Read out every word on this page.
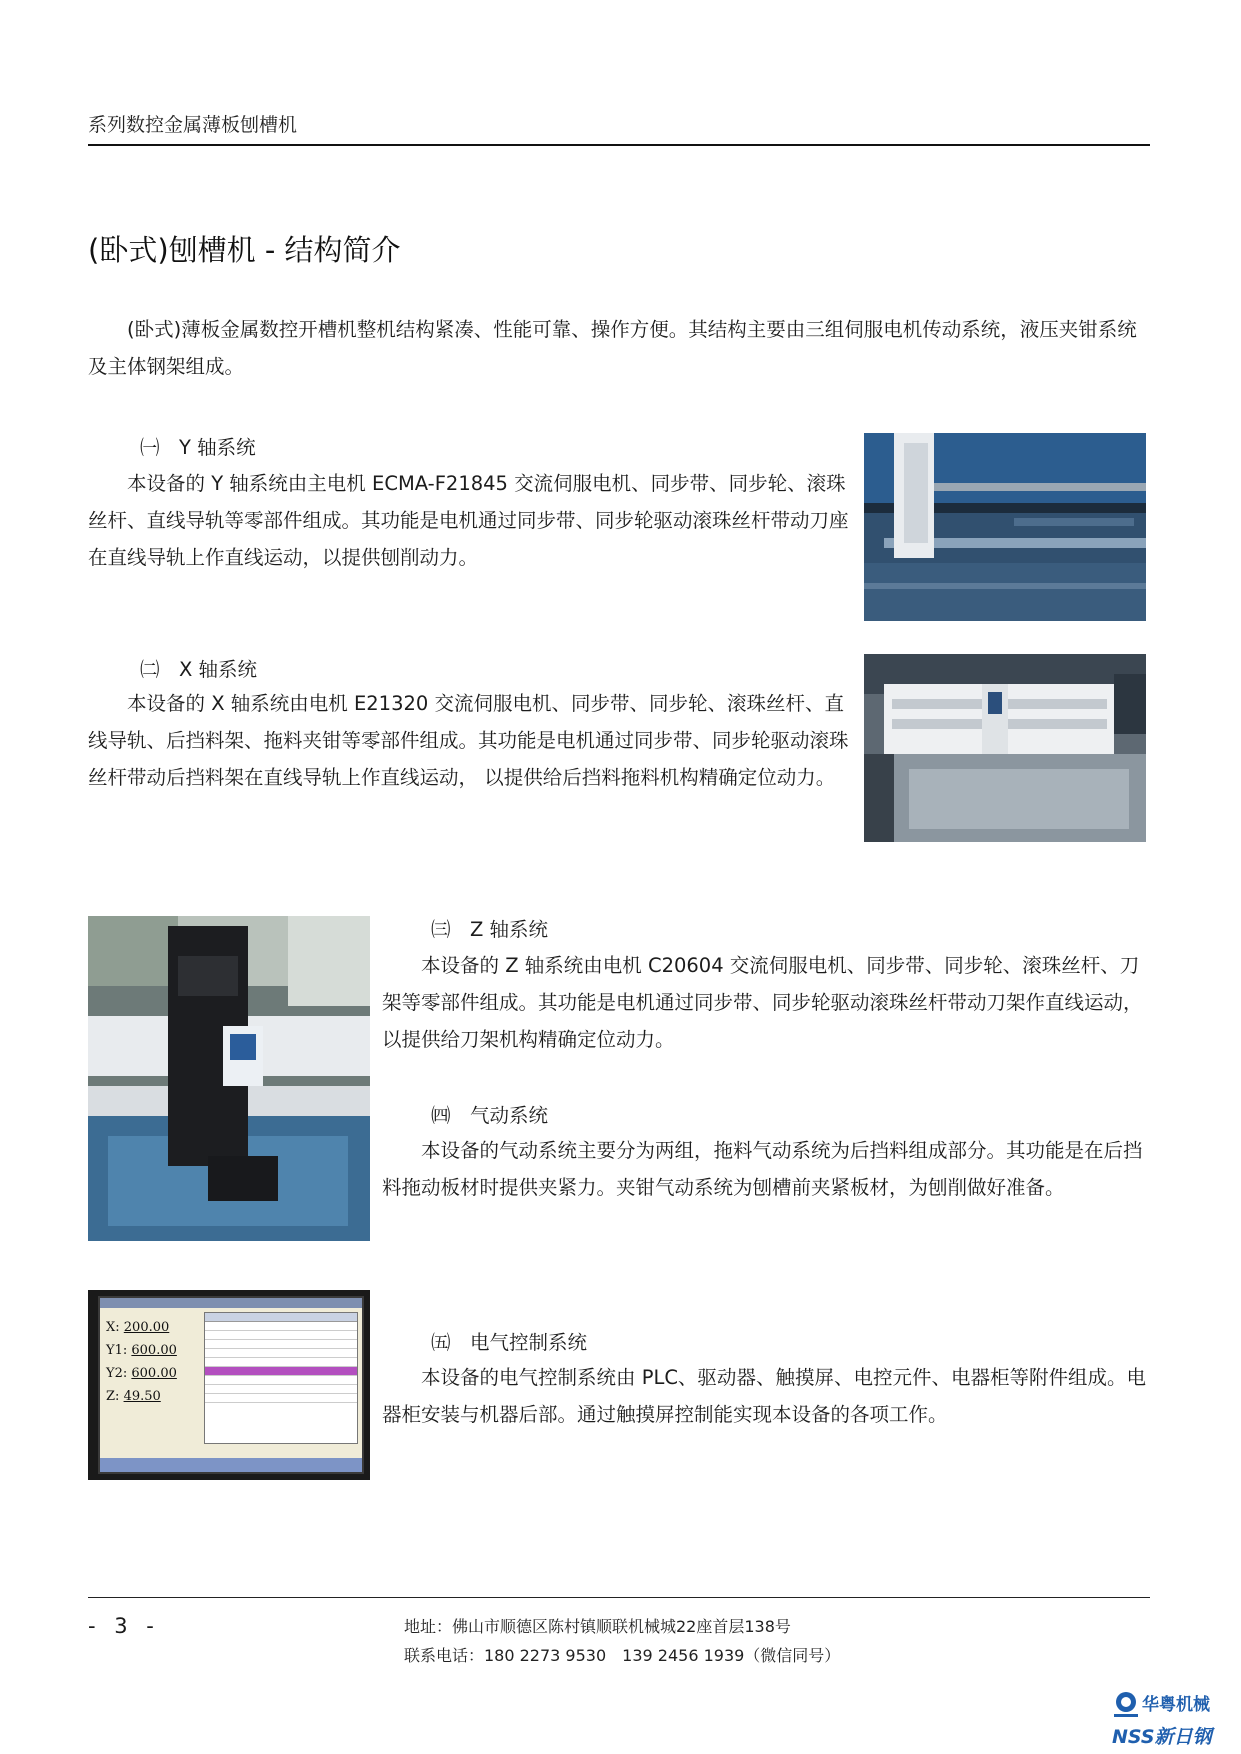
系列数控金属薄板刨槽机
(卧式)刨槽机 - 结构简介
(卧式)薄板金属数控开槽机整机结构紧凑、性能可靠、操作方便。其结构主要由三组伺服电机传动系统，液压夹钳系统及主体钢架组成。
㈠　Y 轴系统
本设备的 Y 轴系统由主电机 ECMA-F21845 交流伺服电机、同步带、同步轮、滚珠丝杆、直线导轨等零部件组成。其功能是电机通过同步带、同步轮驱动滚珠丝杆带动刀座在直线导轨上作直线运动，以提供刨削动力。
㈡　X 轴系统
本设备的 X 轴系统由电机 E21320 交流伺服电机、同步带、同步轮、滚珠丝杆、直线导轨、后挡料架、拖料夹钳等零部件组成。其功能是电机通过同步带、同步轮驱动滚珠丝杆带动后挡料架在直线导轨上作直线运动， 以提供给后挡料拖料机构精确定位动力。
㈢　Z 轴系统
本设备的 Z 轴系统由电机 C20604 交流伺服电机、同步带、同步轮、滚珠丝杆、刀架等零部件组成。其功能是电机通过同步带、同步轮驱动滚珠丝杆带动刀架作直线运动， 以提供给刀架机构精确定位动力。
㈣　气动系统
本设备的气动系统主要分为两组，拖料气动系统为后挡料组成部分。其功能是在后挡料拖动板材时提供夹紧力。夹钳气动系统为刨槽前夹紧板材，为刨削做好准备。
X: 200.00
Y1: 600.00
Y2: 600.00
Z: 49.50
㈤　电气控制系统
本设备的电气控制系统由 PLC、驱动器、触摸屏、电控元件、电器柜等附件组成。电器柜安装与机器后部。通过触摸屏控制能实现本设备的各项工作。
- 3 -	地址：佛山市顺德区陈村镇顺联机械城22座首层138号
联系电话：180 2273 9530　139 2456 1939（微信同号）
华粤机械
NSS新日钢
